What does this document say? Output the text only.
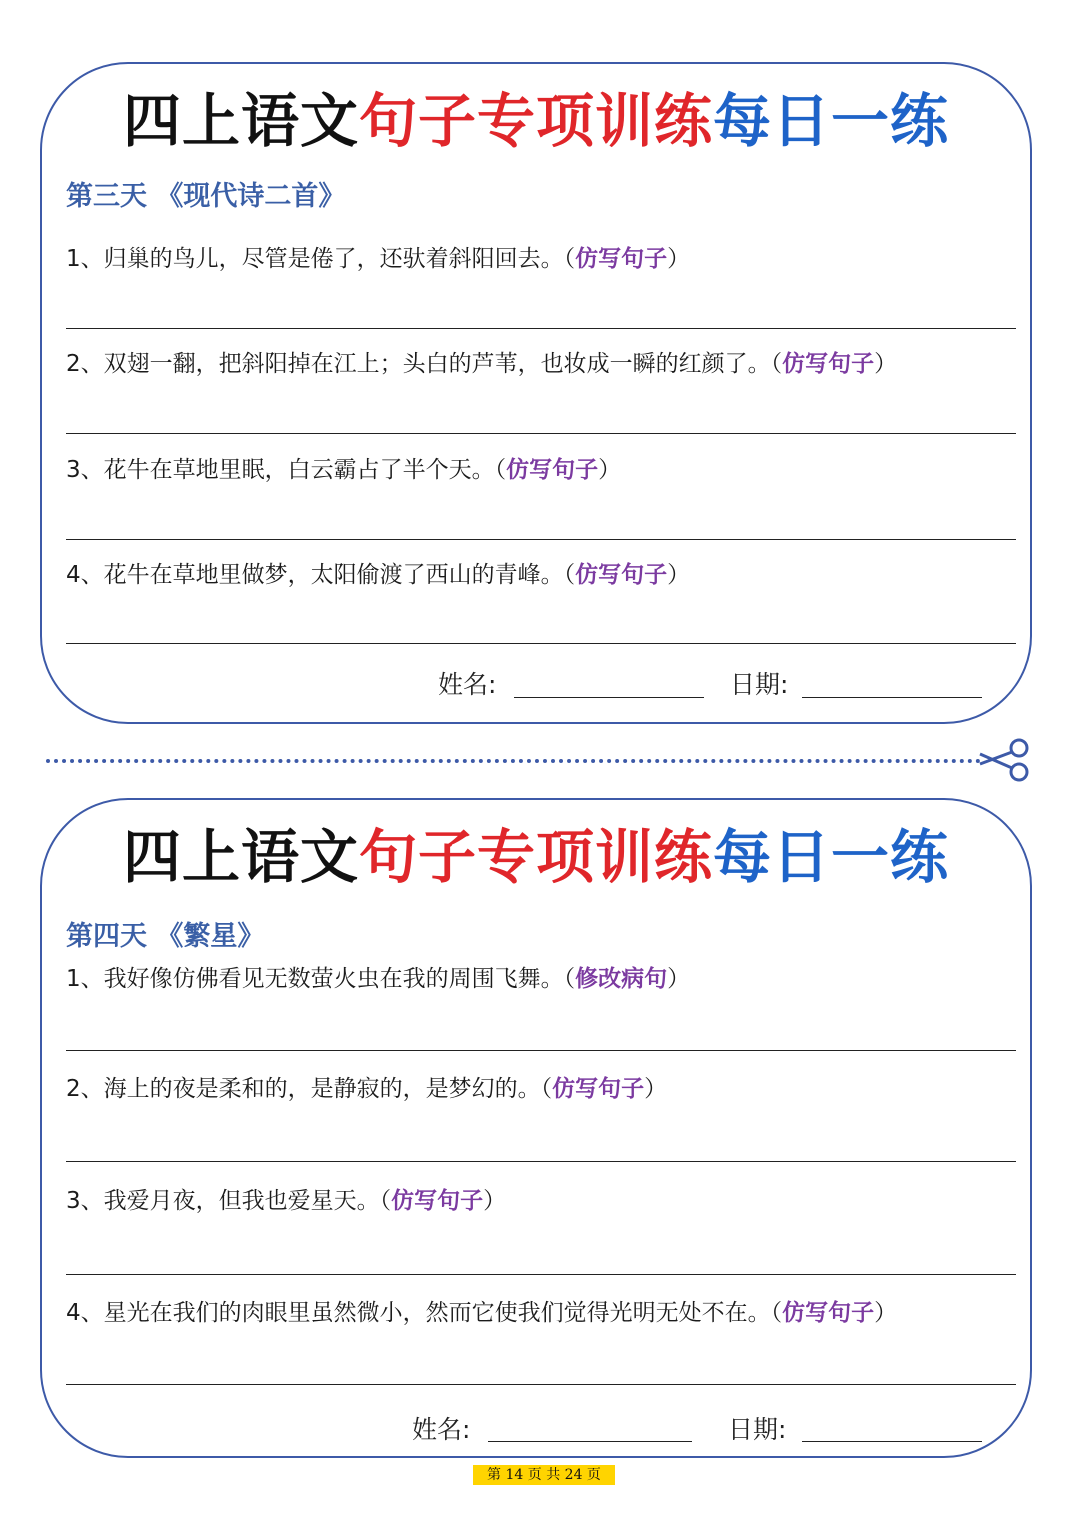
四上语文句子专项训练每日一练
第三天 《现代诗二首》
1、归巢的鸟儿，尽管是倦了，还驮着斜阳回去。（仿写句子）
2、双翅一翻，把斜阳掉在江上；头白的芦苇，也妆成一瞬的红颜了。（仿写句子）
3、花牛在草地里眠，白云霸占了半个天。（仿写句子）
4、花牛在草地里做梦，太阳偷渡了西山的青峰。（仿写句子）
姓名:	日期:
四上语文句子专项训练每日一练
第四天 《繁星》
1、我好像仿佛看见无数萤火虫在我的周围飞舞。（修改病句）
2、海上的夜是柔和的，是静寂的，是梦幻的。（仿写句子）
3、我爱月夜，但我也爱星天。（仿写句子）
4、星光在我们的肉眼里虽然微小，然而它使我们觉得光明无处不在。（仿写句子）
姓名:	日期:
第 14 页 共 24 页
